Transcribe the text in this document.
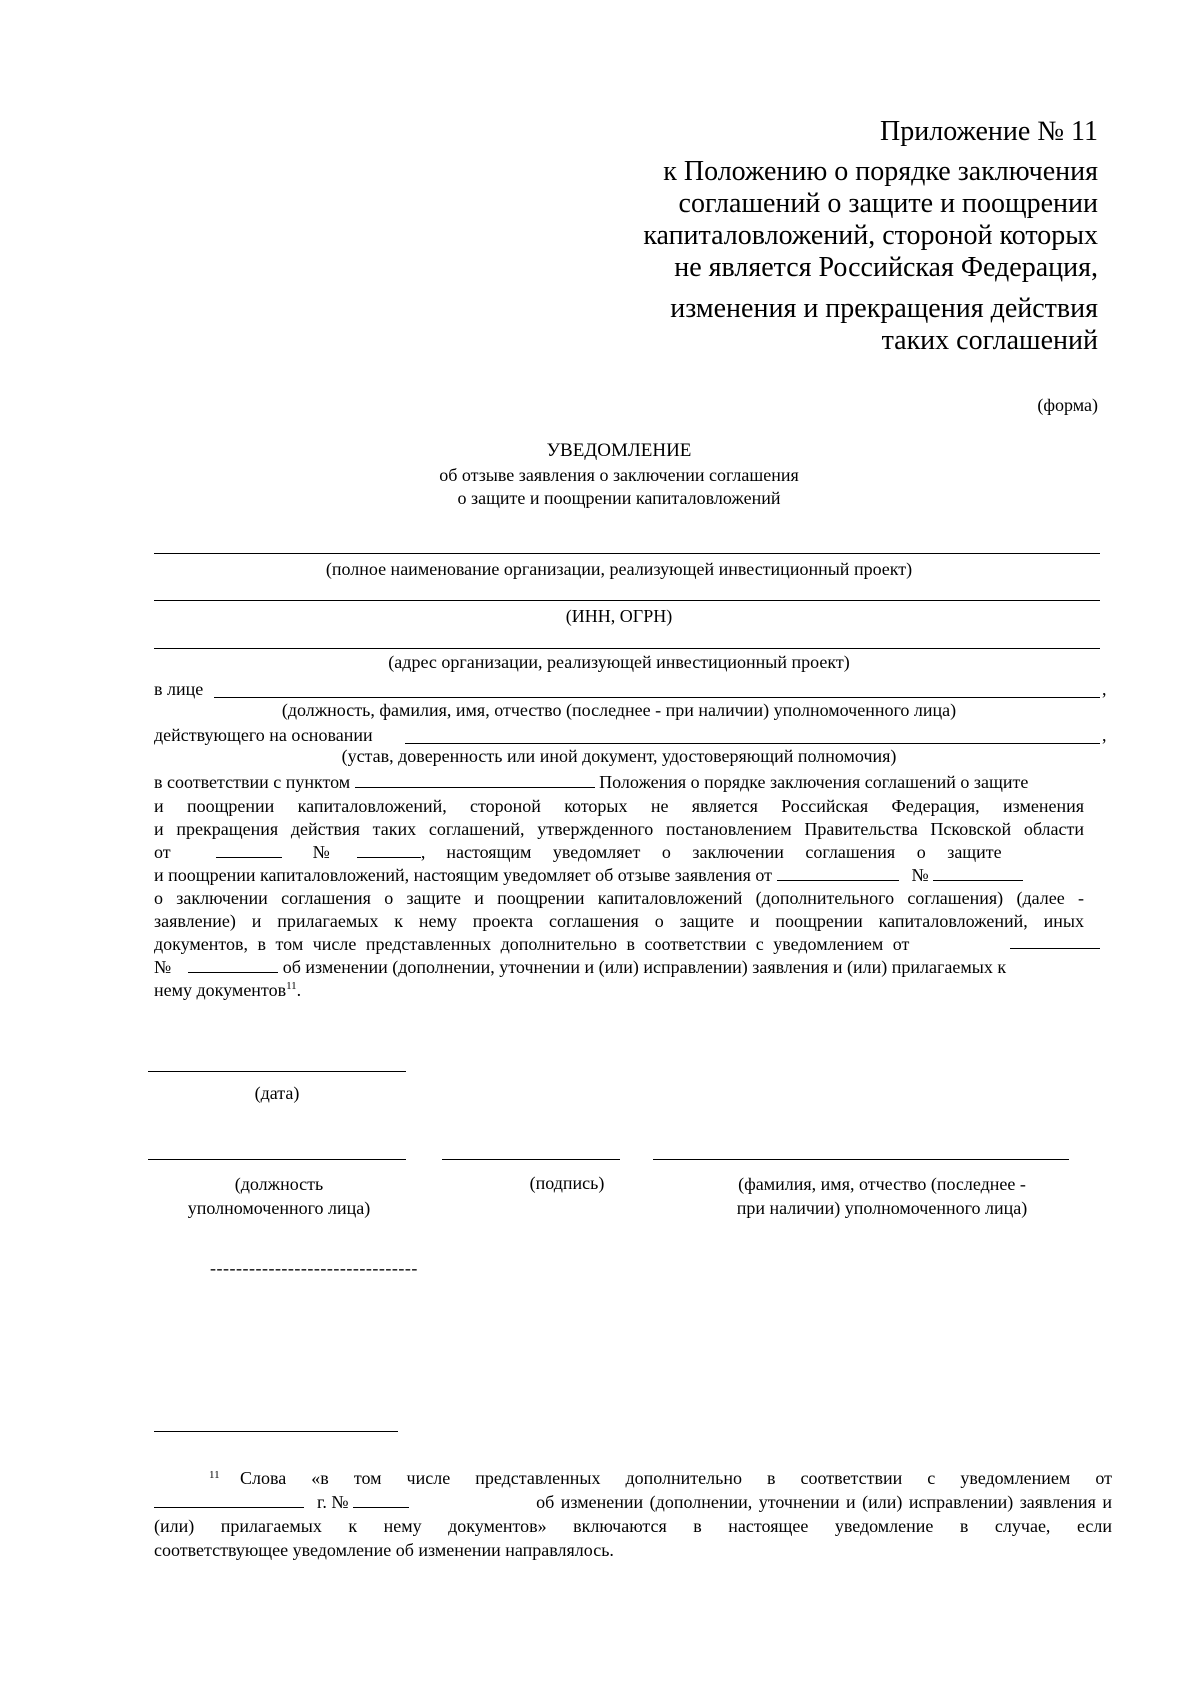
Приложение № 11
к Положению о порядке заключения
соглашений о защите и поощрении
капиталовложений, стороной которых
не является Российская Федерация,
изменения и прекращения действия
таких соглашений
(форма)
УВЕДОМЛЕНИЕ
об отзыве заявления о заключении соглашения
о защите и поощрении капиталовложений
(полное наименование организации, реализующей инвестиционный проект)
(ИНН, ОГРН)
(адрес организации, реализующей инвестиционный проект)
в лице	,
(должность, фамилия, имя, отчество (последнее - при наличии) уполномоченного лица)
действующего на основании	,
(устав, доверенность или иной документ, удостоверяющий полномочия)
в соответствии с пунктом	Положения о порядке заключения соглашений о защите
и поощрении капиталовложений, стороной которых не является Российская Федерация, изменения
и прекращения действия таких соглашений, утвержденного постановлением Правительства Псковской области
от	№	, настоящим уведомляет о заключении соглашения о защите
и поощрении капиталовложений, настоящим уведомляет об отзыве заявления от	№
о заключении соглашения о защите и поощрении капиталовложений (дополнительного соглашения) (далее -
заявление) и прилагаемых к нему проекта соглашения о защите и поощрении капиталовложений, иных
документов, в том числе представленных дополнительно в соответствии с уведомлением от
№	об изменении (дополнении, уточнении и (или) исправлении) заявления и (или) прилагаемых к
нему документов$^{11}$.
(дата)
(должность
уполномоченного лица)
(подпись)	(фамилия, имя, отчество (последнее -
при наличии) уполномоченного лица)
--------------------------------
$^{11}$ Слова «в том числе представленных дополнительно в соответствии с уведомлением от
г. №	об изменении (дополнении, уточнении и (или) исправлении) заявления и
(или) прилагаемых к нему документов» включаются в настоящее уведомление в случае, если
соответствующее уведомление об изменении направлялось.
